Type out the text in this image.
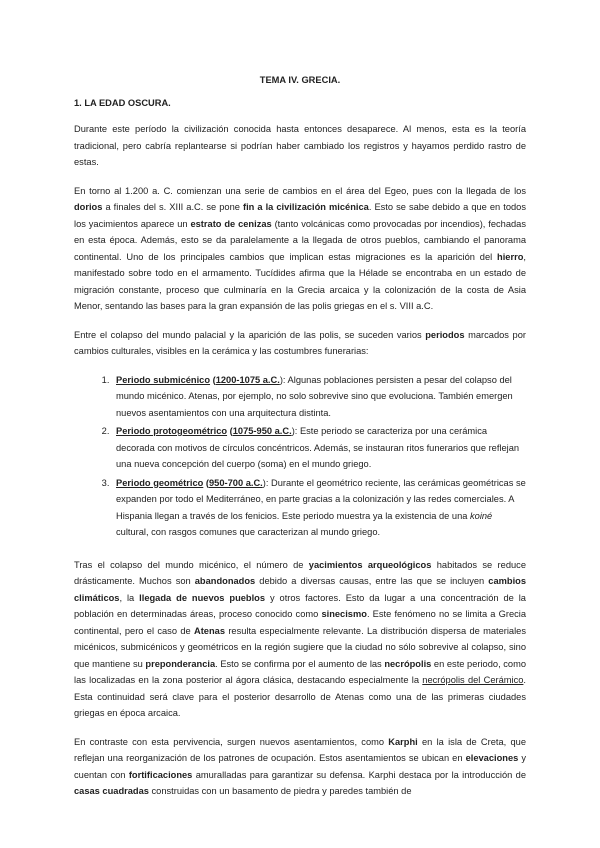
TEMA IV. GRECIA.
1. LA EDAD OSCURA.

Durante este período la civilización conocida hasta entonces desaparece. Al menos, esta es la teoría tradicional, pero cabría replantearse si podrían haber cambiado los registros y hayamos perdido rastro de estas.

En torno al 1.200 a. C. comienzan una serie de cambios en el área del Egeo, pues con la llegada de los dorios a finales del s. XIII a.C. se pone fin a la civilización micénica. Esto se sabe debido a que en todos los yacimientos aparece un estrato de cenizas (tanto volcánicas como provocadas por incendios), fechadas en esta época. Además, esto se da paralelamente a la llegada de otros pueblos, cambiando el panorama continental. Uno de los principales cambios que implican estas migraciones es la aparición del hierro, manifestado sobre todo en el armamento. Tucídides afirma que la Hélade se encontraba en un estado de migración constante, proceso que culminaría en la Grecia arcaica y la colonización de la costa de Asia Menor, sentando las bases para la gran expansión de las polis griegas en el s. VIII a.C.

Entre el colapso del mundo palacial y la aparición de las polis, se suceden varios periodos marcados por cambios culturales, visibles en la cerámica y las costumbres funerarias:

1. Periodo submicénico (1200-1075 a.C.): Algunas poblaciones persisten a pesar del colapso del mundo micénico. Atenas, por ejemplo, no solo sobrevive sino que evoluciona. También emergen nuevos asentamientos con una arquitectura distinta.
2. Periodo protogeométrico (1075-950 a.C.): Este periodo se caracteriza por una cerámica decorada con motivos de círculos concéntricos. Además, se instauran ritos funerarios que reflejan una nueva concepción del cuerpo (soma) en el mundo griego.
3. Periodo geométrico (950-700 a.C.): Durante el geométrico reciente, las cerámicas geométricas se expanden por todo el Mediterráneo, en parte gracias a la colonización y las redes comerciales. A Hispania llegan a través de los fenicios. Este periodo muestra ya la existencia de una koiné cultural, con rasgos comunes que caracterizan al mundo griego.

Tras el colapso del mundo micénico, el número de yacimientos arqueológicos habitados se reduce drásticamente. Muchos son abandonados debido a diversas causas, entre las que se incluyen cambios climáticos, la llegada de nuevos pueblos y otros factores. Esto da lugar a una concentración de la población en determinadas áreas, proceso conocido como sinecismo. Este fenómeno no se limita a Grecia continental, pero el caso de Atenas resulta especialmente relevante. La distribución dispersa de materiales micénicos, submicénicos y geométricos en la región sugiere que la ciudad no sólo sobrevive al colapso, sino que mantiene su preponderancia. Esto se confirma por el aumento de las necrópolis en este periodo, como las localizadas en la zona posterior al ágora clásica, destacando especialmente la necrópolis del Cerámico. Esta continuidad será clave para el posterior desarrollo de Atenas como una de las primeras ciudades griegas en época arcaica.

En contraste con esta pervivencia, surgen nuevos asentamientos, como Karphi en la isla de Creta, que reflejan una reorganización de los patrones de ocupación. Estos asentamientos se ubican en elevaciones y cuentan con fortificaciones amuralladas para garantizar su defensa. Karphi destaca por la introducción de casas cuadradas construidas con un basamento de piedra y paredes también de
